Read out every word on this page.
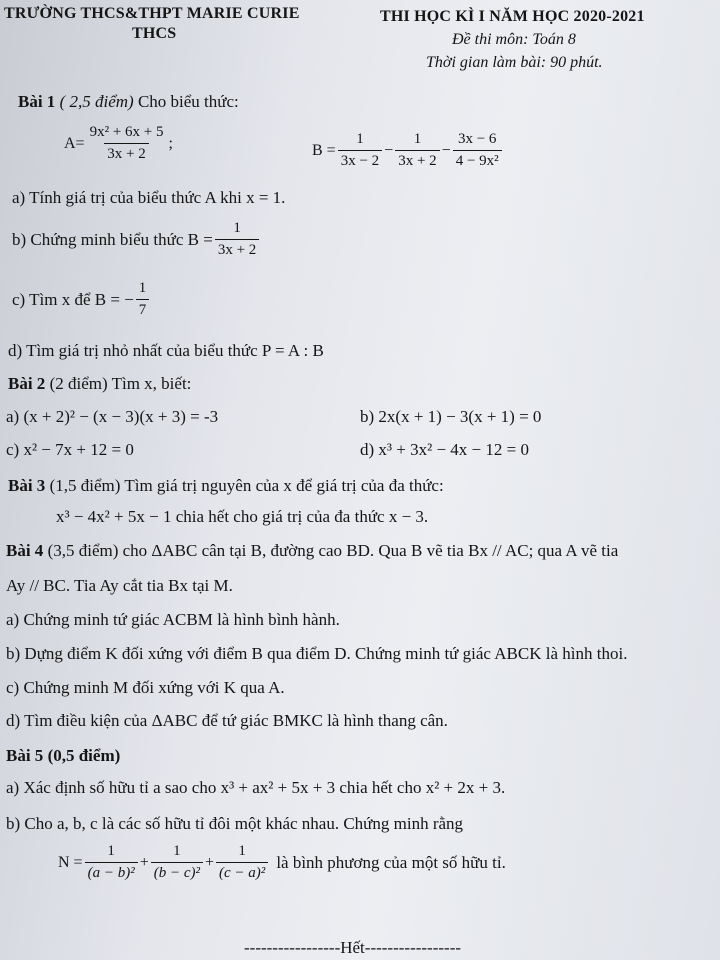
TRƯỜNG THCS&THPT MARIE CURIE
THCS
THI HỌC KÌ I NĂM HỌC 2020-2021
Đề thi môn: Toán 8
Thời gian làm bài: 90 phút.
Bài 1 ( 2,5 điểm) Cho biểu thức:
$A= \frac{\text{9x² + 6x + 5}}{3x + 2}$ ;	$B = \frac{1}{3x - 2} - \frac{1}{3x + 2} - \frac{3x - 6}{\text{4 − 9x²}}$
a) Tính giá trị của biểu thức A khi x = 1.
b) Chứng minh biểu thức $B = \frac{1}{3x + 2}$
c) Tìm x để B = − $\frac{1}{7}$
d) Tìm giá trị nhỏ nhất của biểu thức P = A : B
Bài 2 (2 điểm) Tìm x, biết:
a) (x + 2)² − (x − 3)(x + 3) = -3	b) 2x(x + 1) − 3(x + 1) = 0
c) x² − 7x + 12 = 0	d) x³ + 3x² − 4x − 12 = 0
Bài 3 (1,5 điểm) Tìm giá trị nguyên của x để giá trị của đa thức:
x³ − 4x² + 5x − 1 chia hết cho giá trị của đa thức x − 3.
Bài 4 (3,5 điểm) cho ΔABC cân tại B, đường cao BD. Qua B vẽ tia Bx // AC; qua A vẽ tia
Ay // BC. Tia Ay cắt tia Bx tại M.
a) Chứng minh tứ giác ACBM là hình bình hành.
b) Dựng điểm K đối xứng với điểm B qua điểm D. Chứng minh tứ giác ABCK là hình thoi.
c) Chứng minh M đối xứng với K qua A.
d) Tìm điều kiện của ΔABC để tứ giác BMKC là hình thang cân.
Bài 5 (0,5 điểm)
a) Xác định số hữu tỉ a sao cho x³ + ax² + 5x + 3 chia hết cho x² + 2x + 3.
b) Cho a, b, c là các số hữu tỉ đôi một khác nhau. Chứng minh rằng
$N = \frac{1}{\text{(a − b)²}} + \frac{1}{\text{(b − c)²}} + \frac{1}{\text{(c − a)²}}$ là bình phương của một số hữu tỉ.
-----------------Hết-----------------
